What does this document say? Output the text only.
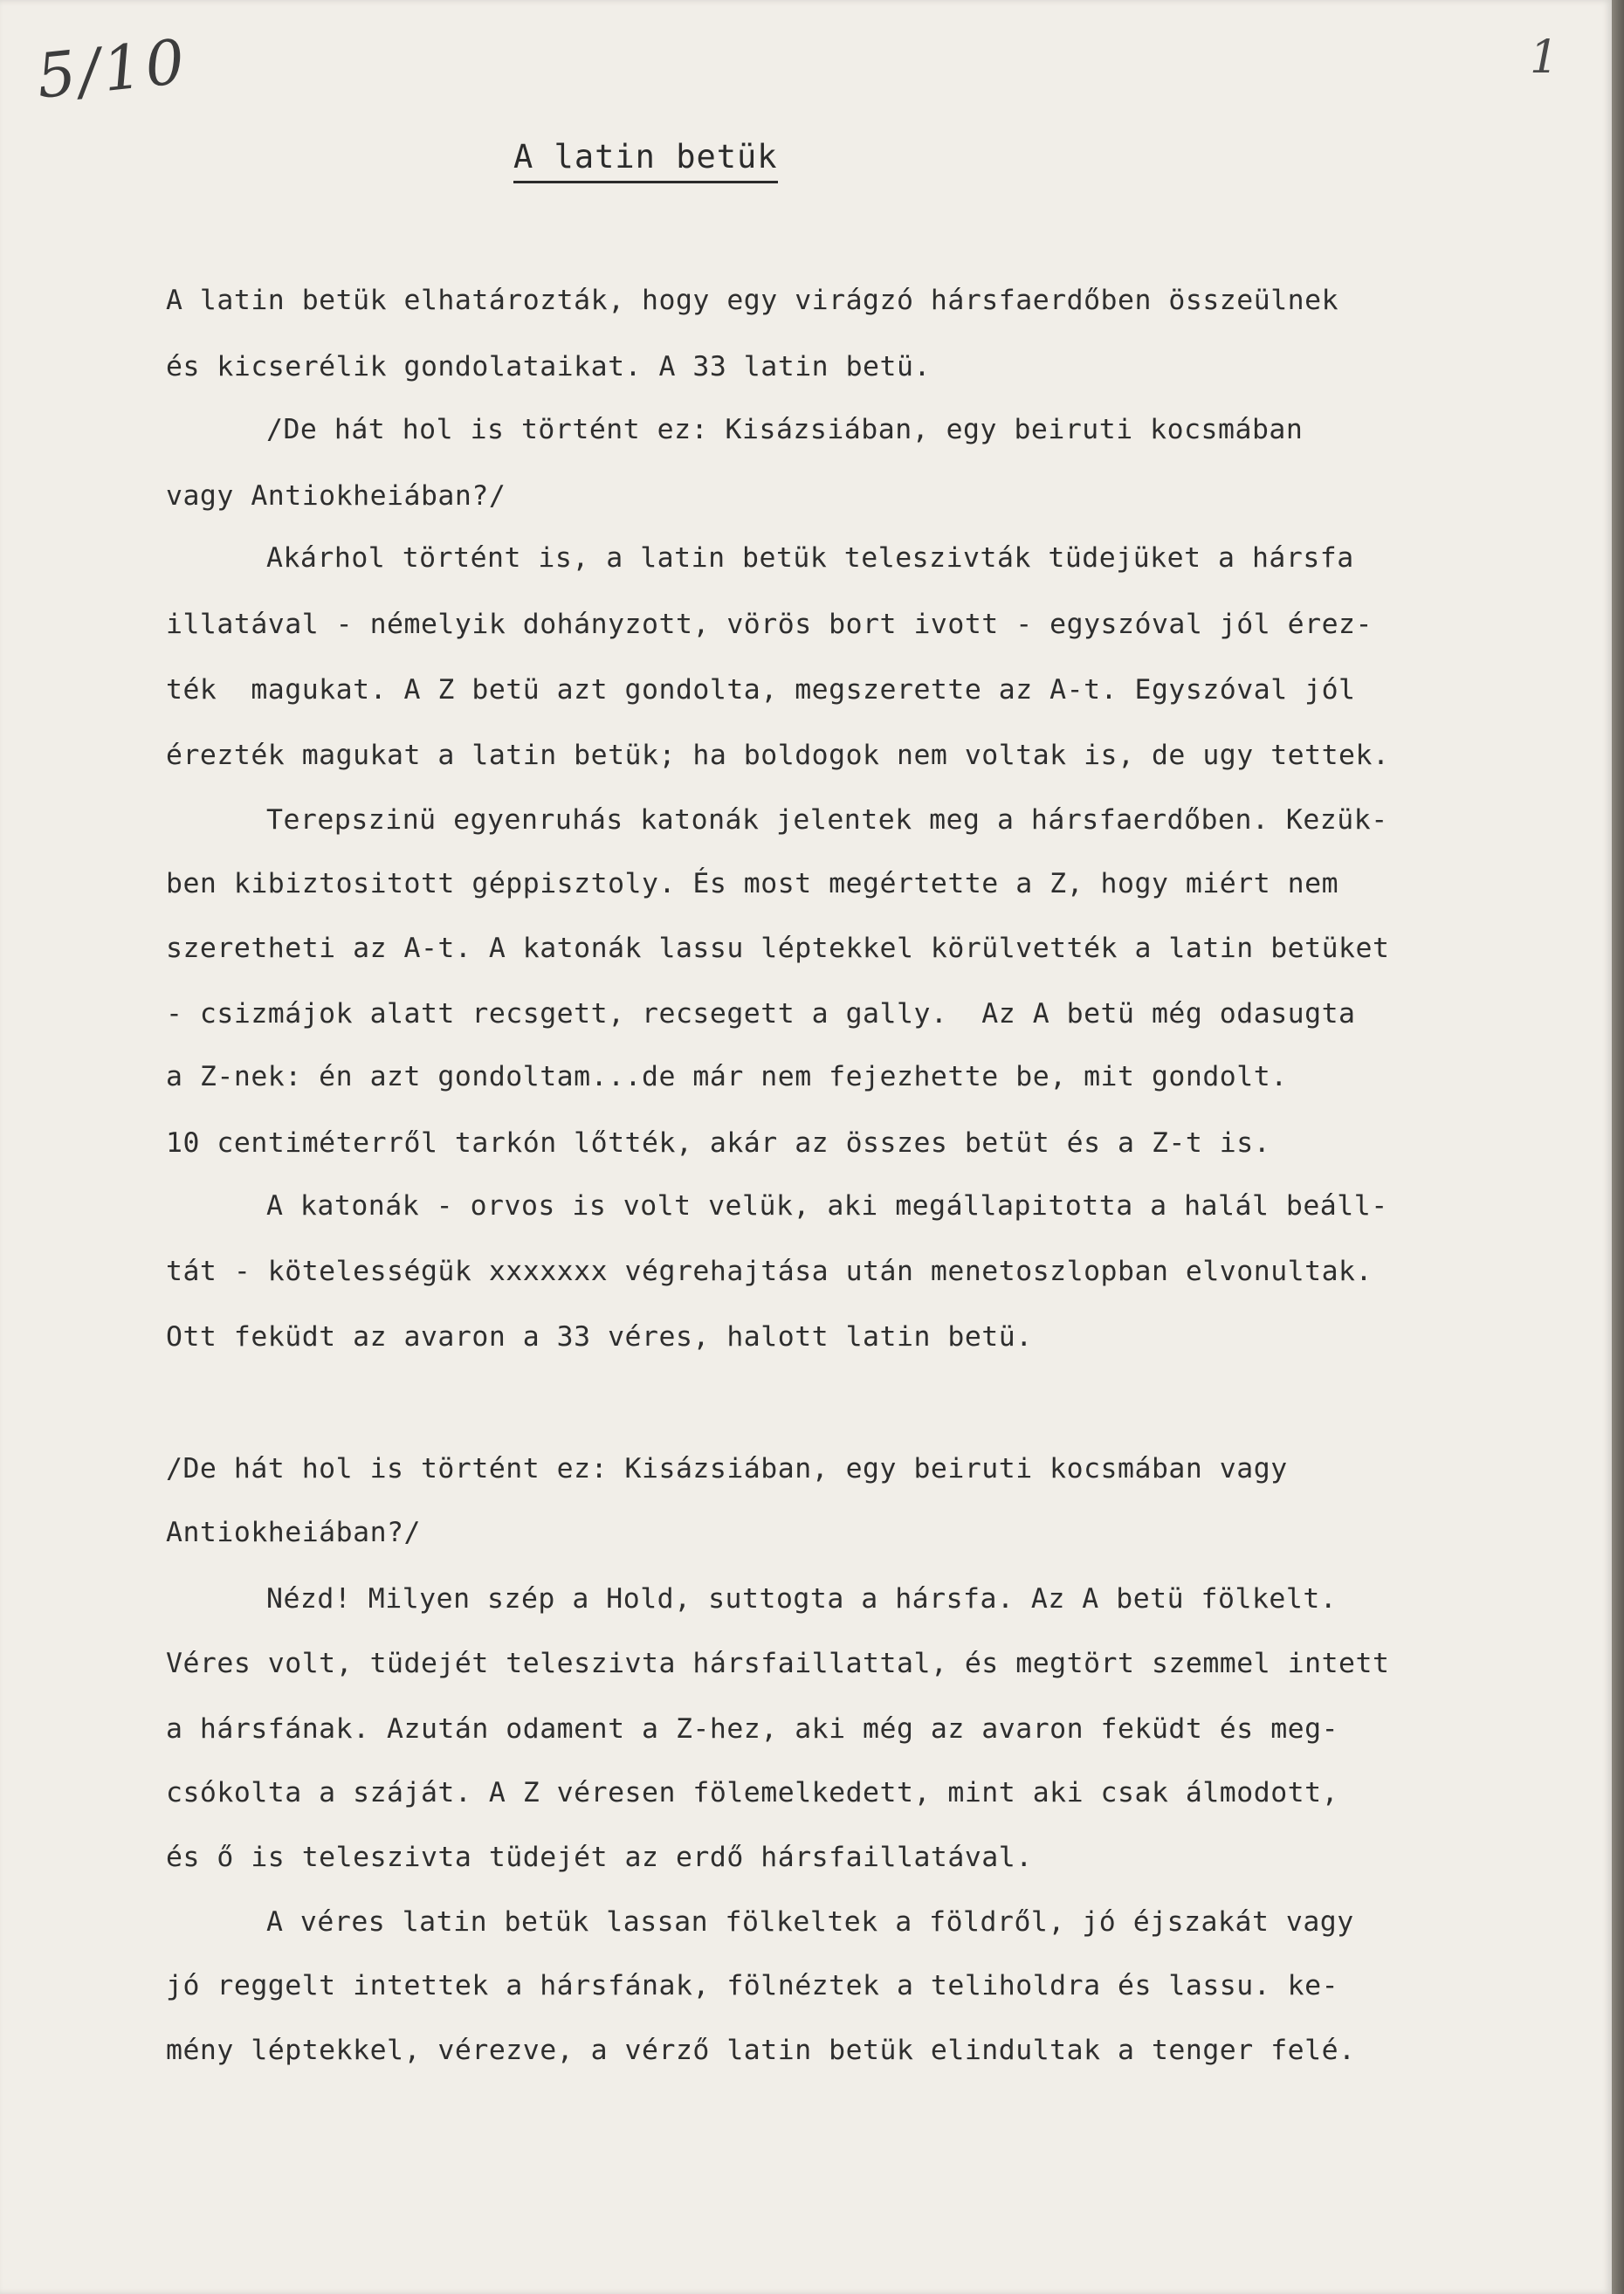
5/10	1
A latin betük
A latin betük elhatározták, hogy egy virágzó hársfaerdőben összeülnek
és kicserélik gondolataikat. A 33 latin betü.
/De hát hol is történt ez: Kisázsiában, egy beiruti kocsmában
vagy Antiokheiában?/
Akárhol történt is, a latin betük teleszivták tüdejüket a hársfa
illatával - némelyik dohányzott, vörös bort ivott - egyszóval jól érez-
ték  magukat. A Z betü azt gondolta, megszerette az A-t. Egyszóval jól
érezték magukat a latin betük; ha boldogok nem voltak is, de ugy tettek.
Terepszinü egyenruhás katonák jelentek meg a hársfaerdőben. Kezük-
ben kibiztositott géppisztoly. És most megértette a Z, hogy miért nem
szeretheti az A-t. A katonák lassu léptekkel körülvették a latin betüket
- csizmájok alatt recsgett, recsegett a gally.  Az A betü még odasugta
a Z-nek: én azt gondoltam...de már nem fejezhette be, mit gondolt.
10 centiméterről tarkón lőtték, akár az összes betüt és a Z-t is.
A katonák - orvos is volt velük, aki megállapitotta a halál beáll-
tát - kötelességük xxxxxxx végrehajtása után menetoszlopban elvonultak.
Ott feküdt az avaron a 33 véres, halott latin betü.
/De hát hol is történt ez: Kisázsiában, egy beiruti kocsmában vagy
Antiokheiában?/
Nézd! Milyen szép a Hold, suttogta a hársfa. Az A betü fölkelt.
Véres volt, tüdejét teleszivta hársfaillattal, és megtört szemmel intett
a hársfának. Azután odament a Z-hez, aki még az avaron feküdt és meg-
csókolta a száját. A Z véresen fölemelkedett, mint aki csak álmodott,
és ő is teleszivta tüdejét az erdő hársfaillatával.
A véres latin betük lassan fölkeltek a földről, jó éjszakát vagy
jó reggelt intettek a hársfának, fölnéztek a teliholdra és lassu. ke-
mény léptekkel, vérezve, a vérző latin betük elindultak a tenger felé.
